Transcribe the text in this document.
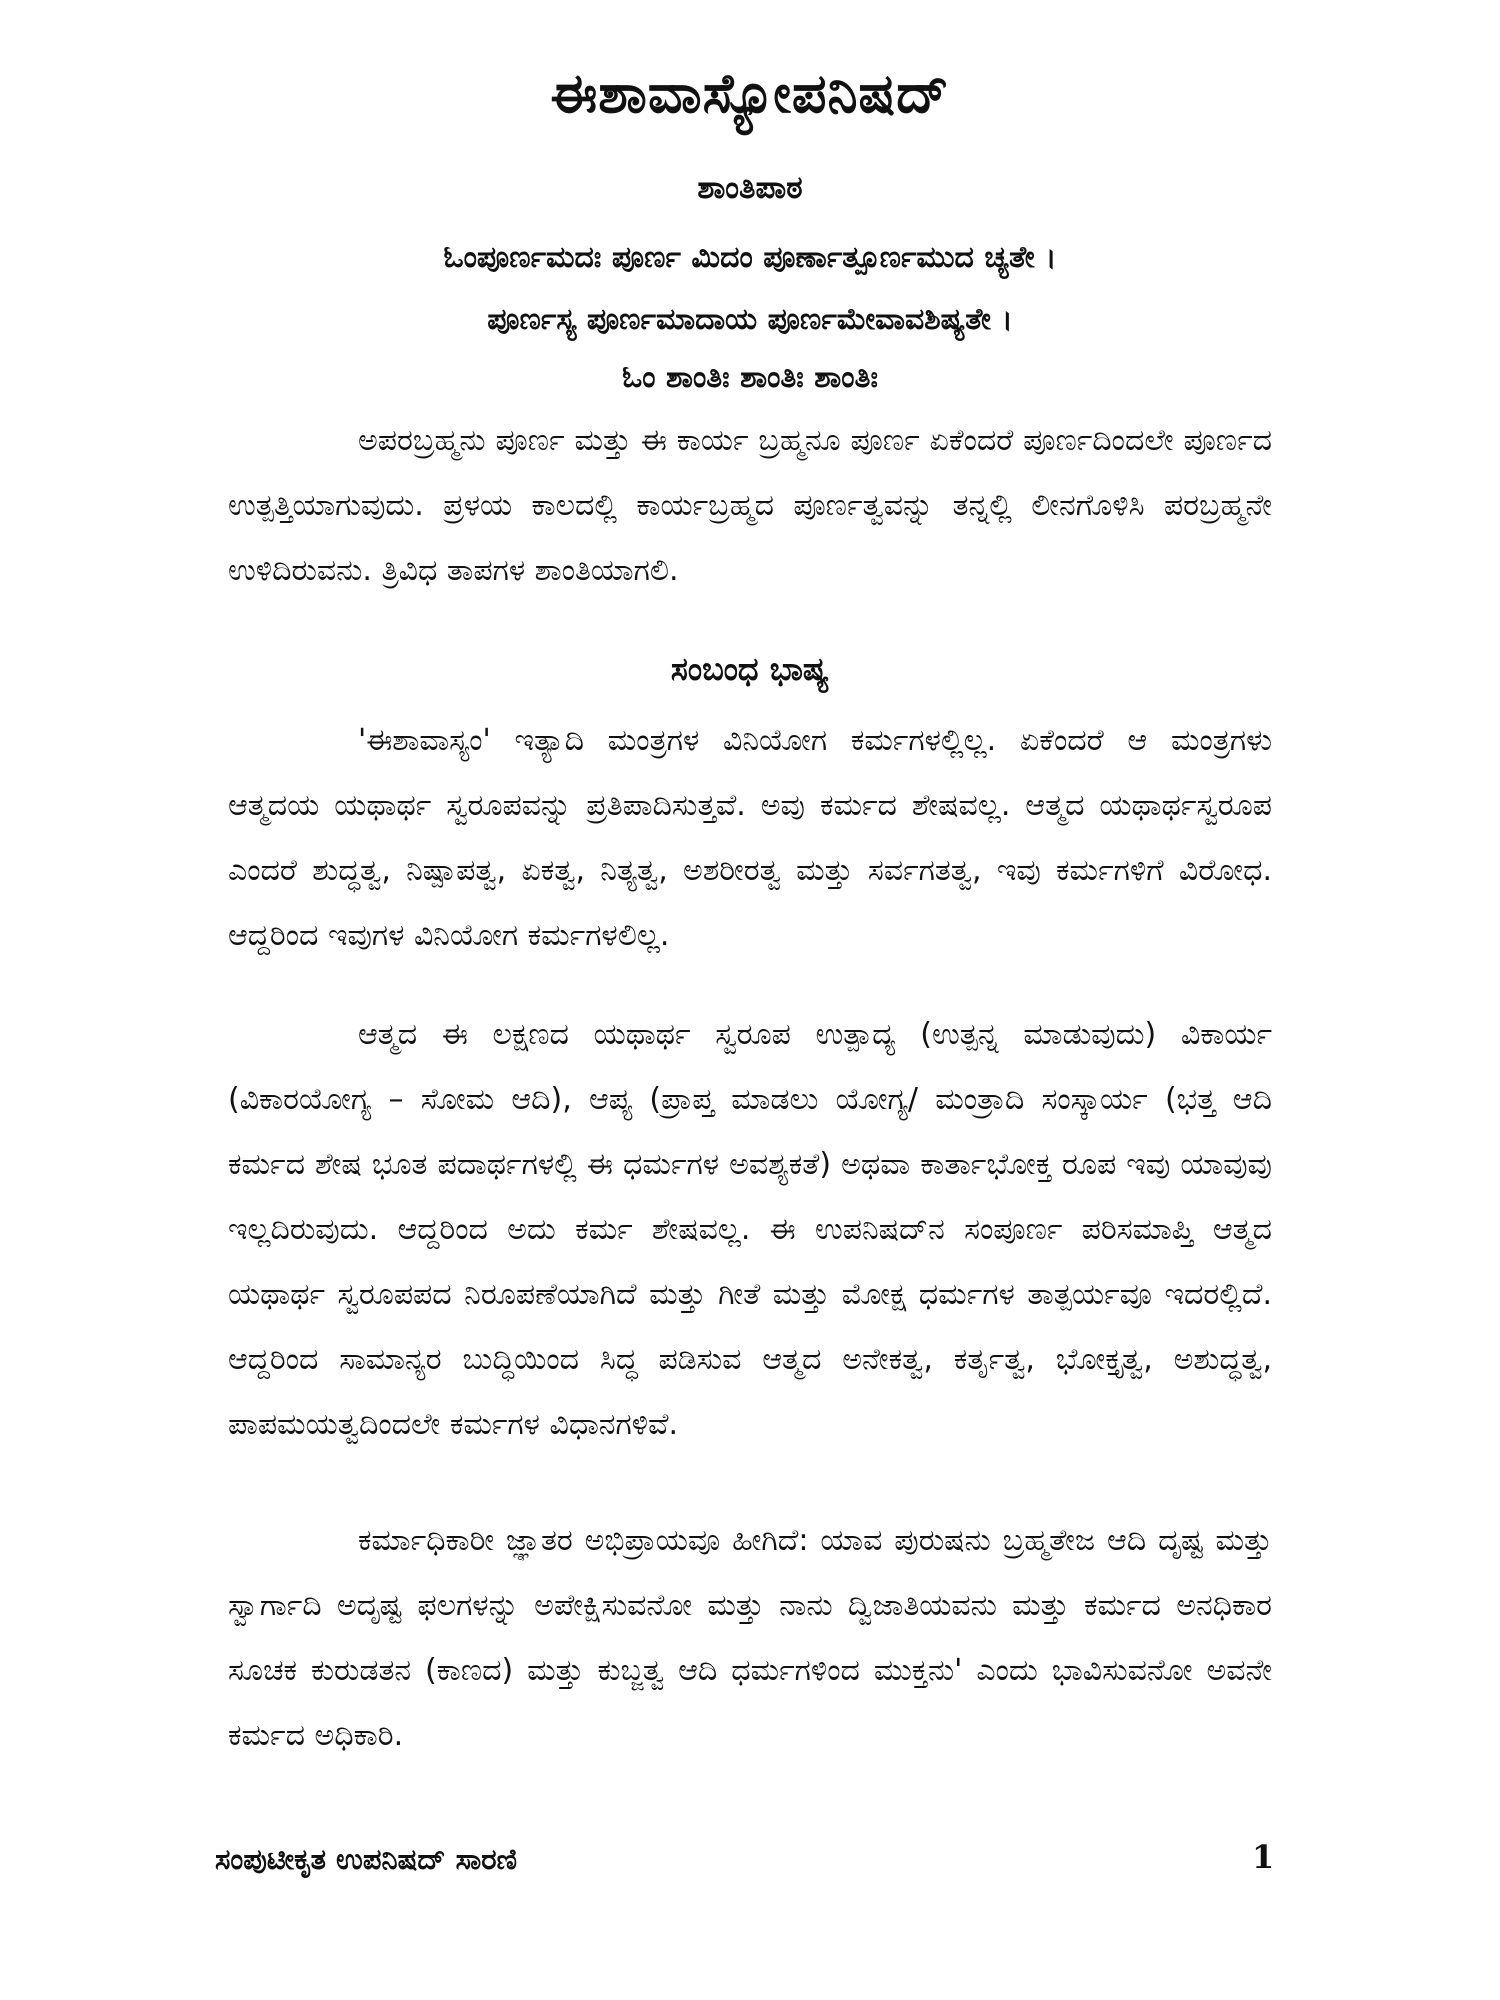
ಈಶಾವಾಸ್ಯೋಪನಿಷದ್
ಶಾಂತಿಪಾಠ
ಓಂಪೂರ್ಣಮದಃ ಪೂರ್ಣ ಮಿದಂ ಪೂರ್ಣಾತ್ಪೂರ್ಣಮುದ ಚ್ಯತೇ ।
ಪೂರ್ಣಸ್ಯ ಪೂರ್ಣಮಾದಾಯ ಪೂರ್ಣಮೇವಾವಶಿಷ್ಯತೇ ।
ಓಂ ಶಾಂತಿಃ ಶಾಂತಿಃ ಶಾಂತಿಃ

ಅಪರಬ್ರಹ್ಮನು ಪೂರ್ಣ ಮತ್ತು ಈ ಕಾರ್ಯ ಬ್ರಹ್ಮನೂ ಪೂರ್ಣ ಏಕೆಂದರೆ ಪೂರ್ಣದಿಂದಲೇ ಪೂರ್ಣದ ಉತ್ಪತ್ತಿಯಾಗುವುದು. ಪ್ರಳಯ ಕಾಲದಲ್ಲಿ ಕಾರ್ಯಬ್ರಹ್ಮದ ಪೂರ್ಣತ್ವವನ್ನು ತನ್ನಲ್ಲಿ ಲೀನಗೊಳಿಸಿ ಪರಬ್ರಹ್ಮನೇ ಉಳಿದಿರುವನು. ತ್ರಿವಿಧ ತಾಪಗಳ ಶಾಂತಿಯಾಗಲಿ.

ಸಂಬಂಧ ಭಾಷ್ಯ

'ಈಶಾವಾಸ್ಯಂ' ಇತ್ಯಾದಿ ಮಂತ್ರಗಳ ವಿನಿಯೋಗ ಕರ್ಮಗಳಲ್ಲಿಲ್ಲ. ಏಕೆಂದರೆ ಆ ಮಂತ್ರಗಳು ಆತ್ಮದಯ ಯಥಾರ್ಥ ಸ್ವರೂಪವನ್ನು ಪ್ರತಿಪಾದಿಸುತ್ತವೆ. ಅವು ಕರ್ಮದ ಶೇಷವಲ್ಲ. ಆತ್ಮದ ಯಥಾರ್ಥಸ್ವರೂಪ ಎಂದರೆ ಶುದ್ಧತ್ವ, ನಿಷ್ಪಾಪತ್ವ, ಏಕತ್ವ, ನಿತ್ಯತ್ವ, ಅಶರೀರತ್ವ ಮತ್ತು ಸರ್ವಗತತ್ವ, ಇವು ಕರ್ಮಗಳಿಗೆ ವಿರೋಧ. ಆದ್ದರಿಂದ ಇವುಗಳ ವಿನಿಯೋಗ ಕರ್ಮಗಳಲಿಲ್ಲ.

ಆತ್ಮದ ಈ ಲಕ್ಷಣದ ಯಥಾರ್ಥ ಸ್ವರೂಪ ಉತ್ಪಾದ್ಯ (ಉತ್ಪನ್ನ ಮಾಡುವುದು) ವಿಕಾರ್ಯ (ವಿಕಾರಯೋಗ್ಯ – ಸೋಮ ಆದಿ), ಆಪ್ಯ (ಪ್ರಾಪ್ತ ಮಾಡಲು ಯೋಗ್ಯ/ ಮಂತ್ರಾದಿ ಸಂಸ್ಕಾರ್ಯ (ಭತ್ತ ಆದಿ ಕರ್ಮದ ಶೇಷ ಭೂತ ಪದಾರ್ಥಗಳಲ್ಲಿ ಈ ಧರ್ಮಗಳ ಅವಶ್ಯಕತೆ) ಅಥವಾ ಕಾರ್ತಾಭೋಕ್ತ ರೂಪ ಇವು ಯಾವುವು ಇಲ್ಲದಿರುವುದು. ಆದ್ದರಿಂದ ಅದು ಕರ್ಮ ಶೇಷವಲ್ಲ. ಈ ಉಪನಿಷದ್‌ನ ಸಂಪೂರ್ಣ ಪರಿಸಮಾಪ್ತಿ ಆತ್ಮದ ಯಥಾರ್ಥ ಸ್ವರೂಪಪದ ನಿರೂಪಣೆಯಾಗಿದೆ ಮತ್ತು ಗೀತೆ ಮತ್ತು ಮೋಕ್ಷ ಧರ್ಮಗಳ ತಾತ್ಪರ್ಯವೂ ಇದರಲ್ಲಿದೆ. ಆದ್ದರಿಂದ ಸಾಮಾನ್ಯರ ಬುದ್ಧಿಯಿಂದ ಸಿದ್ಧ ಪಡಿಸುವ ಆತ್ಮದ ಅನೇಕತ್ವ, ಕರ್ತೃತ್ವ, ಭೋಕ್ತೃತ್ವ, ಅಶುದ್ಧತ್ವ, ಪಾಪಮಯತ್ವದಿಂದಲೇ ಕರ್ಮಗಳ ವಿಧಾನಗಳಿವೆ.

ಕರ್ಮಾಧಿಕಾರೀ ಜ್ಞಾತರ ಅಭಿಪ್ರಾಯವೂ ಹೀಗಿದೆ: ಯಾವ ಪುರುಷನು ಬ್ರಹ್ಮತೇಜ ಆದಿ ದೃಷ್ಟ ಮತ್ತು ಸ್ವಾರ್ಗಾದಿ ಅದೃಷ್ಟ ಫಲಗಳನ್ನು ಅಪೇಕ್ಷಿಸುವನೋ ಮತ್ತು ನಾನು ದ್ವಿಜಾತಿಯವನು ಮತ್ತು ಕರ್ಮದ ಅನಧಿಕಾರ ಸೂಚಕ ಕುರುಡತನ (ಕಾಣದ) ಮತ್ತು ಕುಬ್ಜತ್ವ ಆದಿ ಧರ್ಮಗಳಿಂದ ಮುಕ್ತನು' ಎಂದು ಭಾವಿಸುವನೋ ಅವನೇ ಕರ್ಮದ ಅಧಿಕಾರಿ.

ಸಂಪುಟೀಕೃತ ಉಪನಿಷದ್ ಸಾರಣಿ	1
